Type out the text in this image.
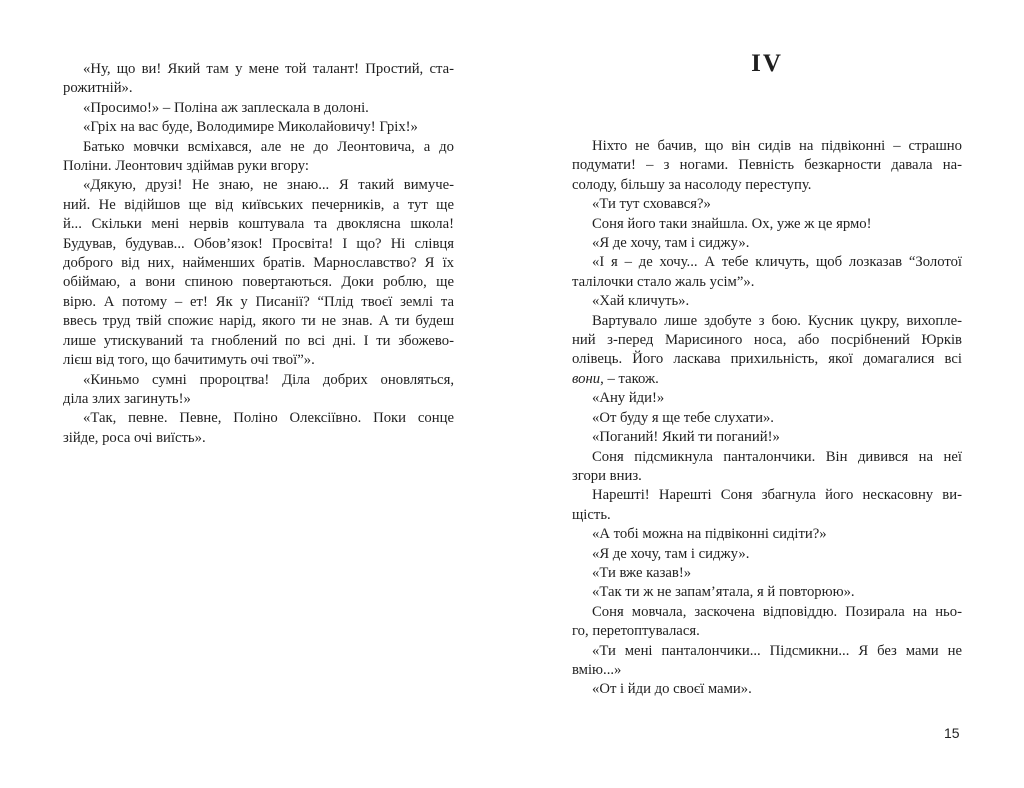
«Ну, що ви! Який там у мене той талант! Простий, ста-
рожитній».

«Просимо!» – Поліна аж заплескала в долоні.

«Гріх на вас буде, Володимире Миколайовичу! Гріх!»

Батько мовчки всміхався, але не до Леонтовича, а до
Поліни. Леонтович здіймав руки вгору:

«Дякую, друзі! Не знаю, не знаю... Я такий вимуче-
ний. Не відійшов ще від київських печерників, а тут ще
й... Скільки мені нервів коштувала та двоклясна школа!
Будував, будував... Обов’язок! Просвіта! І що? Ні слівця
доброго від них, найменших братів. Марнославство? Я їх
обіймаю, а вони спиною повертаються. Доки роблю, ще
вірю. А потому – ет! Як у Писанії? “Плід твоєї землі та
ввесь труд твій спожиє нарід, якого ти не знав. А ти будеш
лише утискуваний та гноблений по всі дні. І ти збожево-
лієш від того, що бачитимуть очі твої”».

«Киньмо сумні пророцтва! Діла добрих оновляться,
діла злих загинуть!»

«Так, певне. Певне, Поліно Олексіївно. Поки сонце
зійде, роса очі виїсть».

IV

Ніхто не бачив, що він сидів на підвіконні – страшно
подумати! – з ногами. Певність безкарности давала на-
солоду, більшу за насолоду переступу.

«Ти тут сховався?»

Соня його таки знайшла. Ох, уже ж це ярмо!

«Я де хочу, там і сиджу».

«І я – де хочу... А тебе кличуть, щоб лозказав “Золотої
талілочки стало жаль усім”».

«Хай кличуть».

Вартувало лише здобуте з бою. Кусник цукру, вихопле-
ний з-перед Марисиного носа, або посрібнений Юрків
олівець. Його ласкава прихильність, якої домагалися всі
вони, – також.

«Ану йди!»

«От буду я ще тебе слухати».

«Поганий! Який ти поганий!»

Соня підсмикнула панталончики. Він дивився на неї
згори вниз.

Нарешті! Нарешті Соня збагнула його нескасовну ви-
щість.

«А тобі можна на підвіконні сидіти?»

«Я де хочу, там і сиджу».

«Ти вже казав!»

«Так ти ж не запам’ятала, я й повторюю».

Соня мовчала, заскочена відповіддю. Позирала на ньо-
го, перетоптувалася.

«Ти мені панталончики... Підсмикни... Я без мами не
вмію...»

«От і йди до своєї мами».

15
